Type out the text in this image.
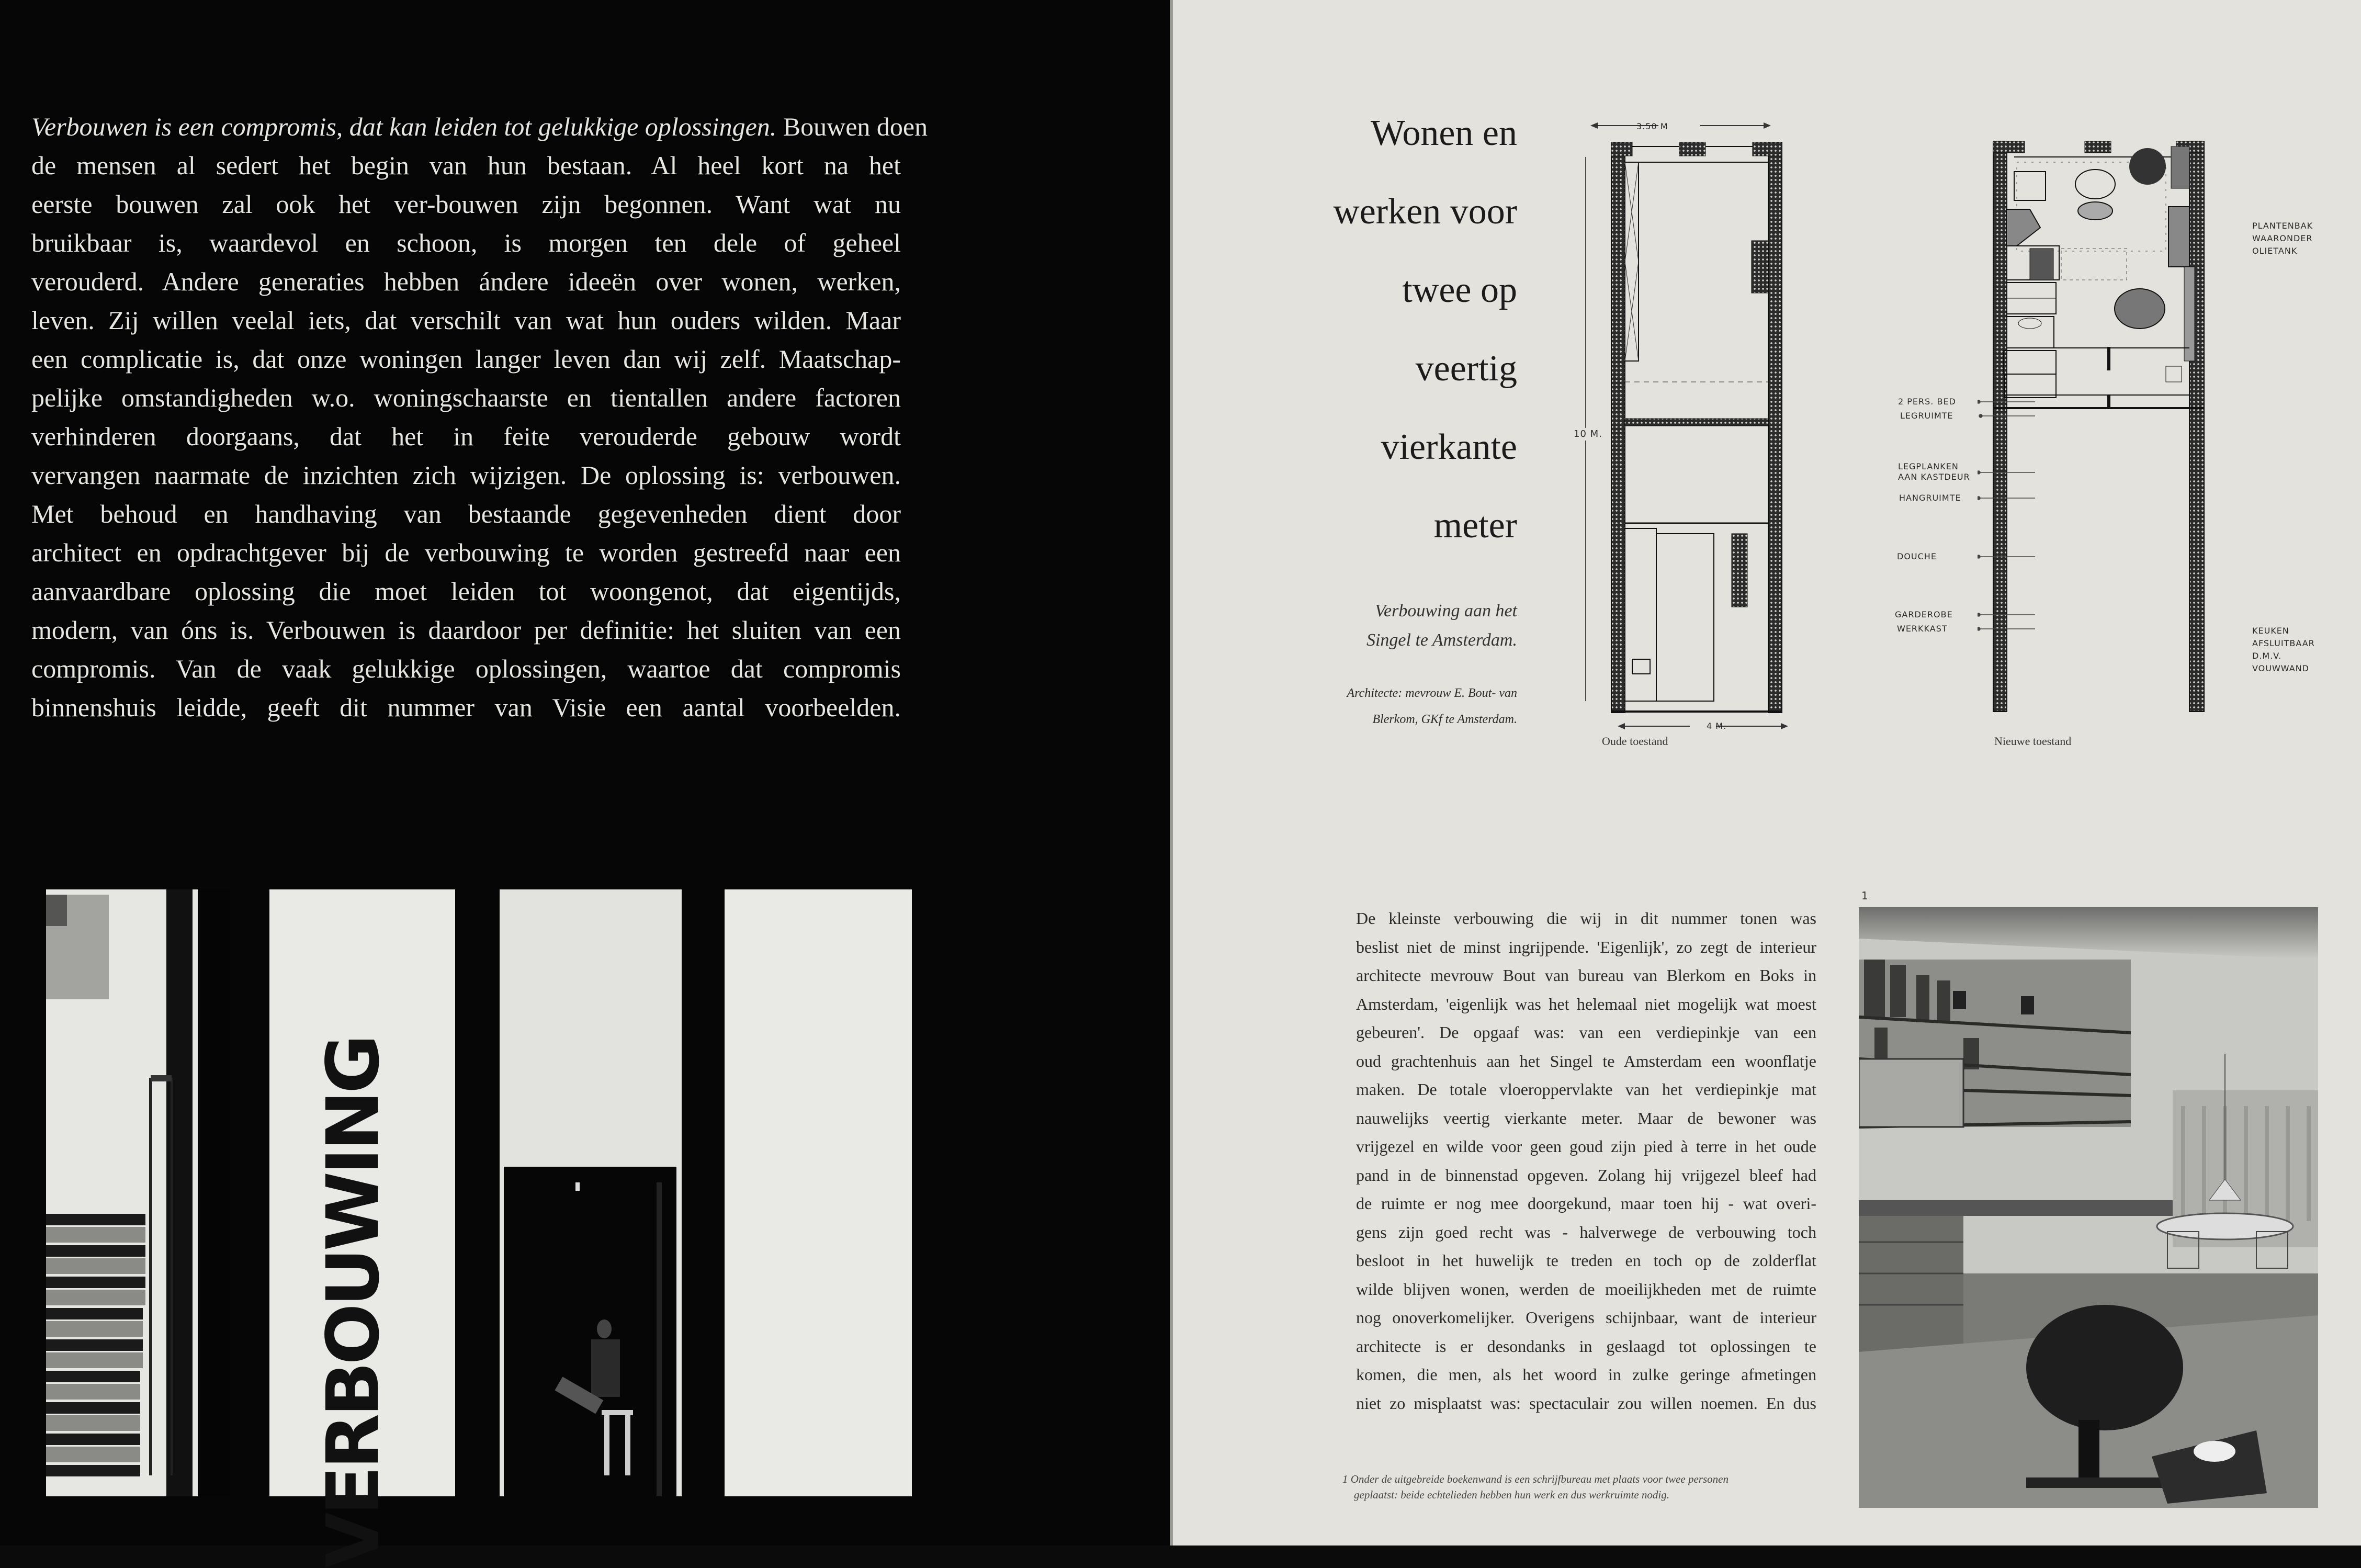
Verbouwen is een compromis, dat kan leiden tot gelukkige oplossingen. Bouwen doen
de mensen al sedert het begin van hun bestaan. Al heel kort na het
eerste bouwen zal ook het ver-bouwen zijn begonnen. Want wat nu
bruikbaar is, waardevol en schoon, is morgen ten dele of geheel
verouderd. Andere generaties hebben ándere ideeën over wonen, werken,
leven. Zij willen veelal iets, dat verschilt van wat hun ouders wilden. Maar
een complicatie is, dat onze woningen langer leven dan wij zelf. Maatschap-
pelijke omstandigheden w.o. woningschaarste en tientallen andere factoren
verhinderen doorgaans, dat het in feite verouderde gebouw wordt
vervangen naarmate de inzichten zich wijzigen. De oplossing is: verbouwen.
Met behoud en handhaving van bestaande gegevenheden dient door
architect en opdrachtgever bij de verbouwing te worden gestreefd naar een
aanvaardbare oplossing die moet leiden tot woongenot, dat eigentijds,
modern, van óns is. Verbouwen is daardoor per definitie: het sluiten van een
compromis. Van de vaak gelukkige oplossingen, waartoe dat compromis
binnenshuis leidde, geeft dit nummer van Visie een aantal voorbeelden.
VERBOUWING
Wonen en
werken voor
twee op
veertig
vierkante
meter
Verbouwing aan het
Singel te Amsterdam.
Architecte: mevrouw E. Bout- van
Blerkom, GKf te Amsterdam.
3.50 M
10 M.
4 M.
Oude toestand	Nieuwe toestand
2 PERS. BED
LEGRUIMTE
LEGPLANKEN
AAN KASTDEUR
HANGRUIMTE
DOUCHE
GARDEROBE
WERKKAST
PLANTENBAK
WAARONDER
OLIETANK
KEUKEN
AFSLUITBAAR
D.M.V.
VOUWWAND
De kleinste verbouwing die wij in dit nummer tonen was
beslist niet de minst ingrijpende. 'Eigenlijk', zo zegt de interieur
architecte mevrouw Bout van bureau van Blerkom en Boks in
Amsterdam, 'eigenlijk was het helemaal niet mogelijk wat moest
gebeuren'. De opgaaf was: van een verdiepinkje van een
oud grachtenhuis aan het Singel te Amsterdam een woonflatje
maken. De totale vloeroppervlakte van het verdiepinkje mat
nauwelijks veertig vierkante meter. Maar de bewoner was
vrijgezel en wilde voor geen goud zijn pied à terre in het oude
pand in de binnenstad opgeven. Zolang hij vrijgezel bleef had
de ruimte er nog mee doorgekund, maar toen hij - wat overi-
gens zijn goed recht was - halverwege de verbouwing toch
besloot in het huwelijk te treden en toch op de zolderflat
wilde blijven wonen, werden de moeilijkheden met de ruimte
nog onoverkomelijker. Overigens schijnbaar, want de interieur
architecte is er desondanks in geslaagd tot oplossingen te
komen, die men, als het woord in zulke geringe afmetingen
niet zo misplaatst was: spectaculair zou willen noemen. En dus
1
1 Onder de uitgebreide boekenwand is een schrijfbureau met plaats voor twee personen
geplaatst: beide echtelieden hebben hun werk en dus werkruimte nodig.
